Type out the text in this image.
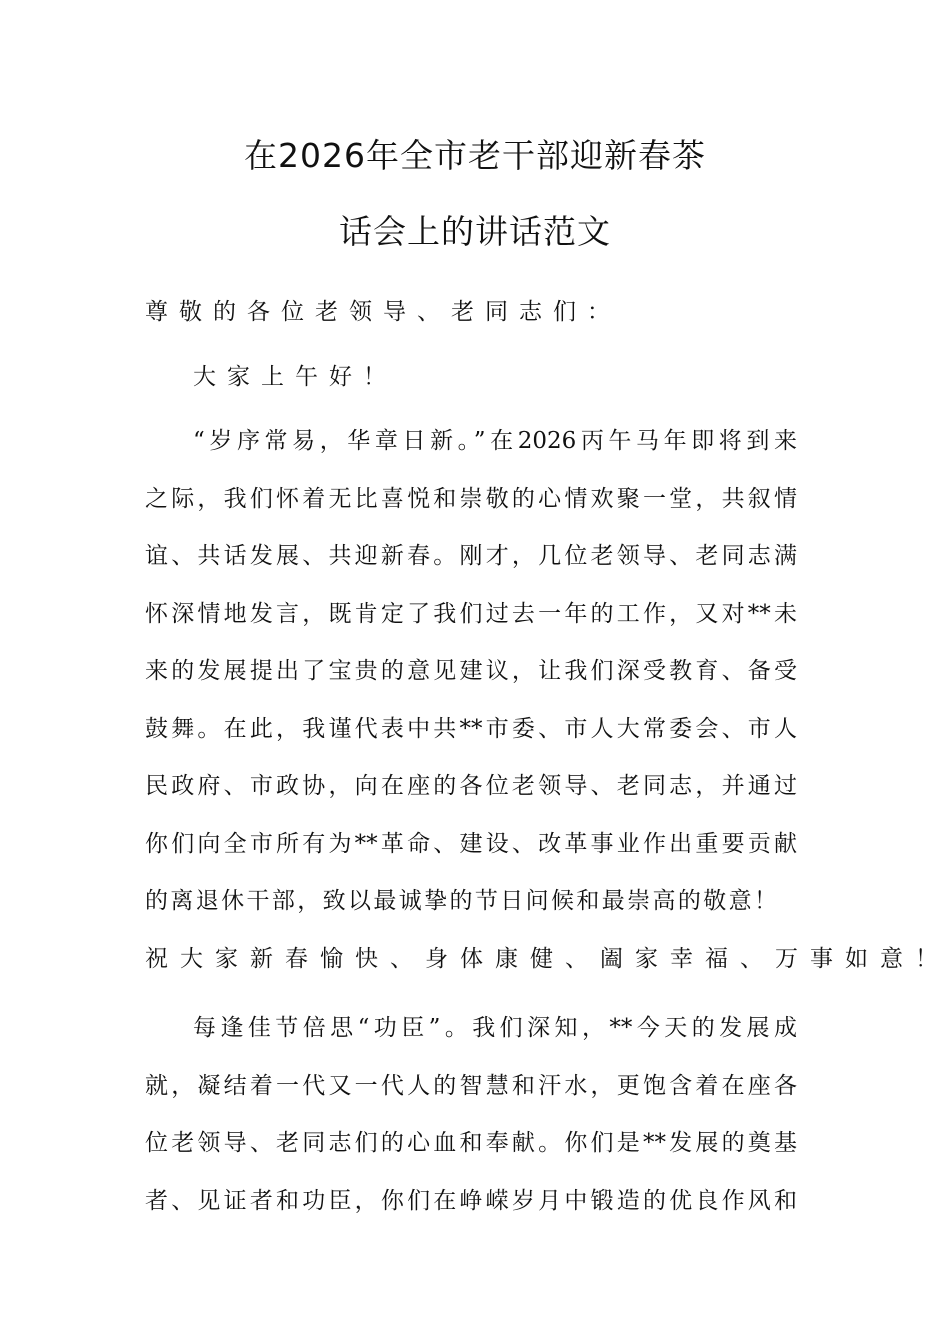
在2026年全市老干部迎新春茶
话会上的讲话范文
尊敬的各位老领导、老同志们：
大家上午好！
“岁序常易，华章日新。”在2026丙午马年即将到来
之际，我们怀着无比喜悦和崇敬的心情欢聚一堂，共叙情
谊、共话发展、共迎新春。刚才，几位老领导、老同志满
怀深情地发言，既肯定了我们过去一年的工作，又对**未
来的发展提出了宝贵的意见建议，让我们深受教育、备受
鼓舞。在此，我谨代表中共**市委、市人大常委会、市人
民政府、市政协，向在座的各位老领导、老同志，并通过
你们向全市所有为**革命、建设、改革事业作出重要贡献
的离退休干部，致以最诚挚的节日问候和最崇高的敬意！
祝大家新春愉快、身体康健、阖家幸福、万事如意！
每逢佳节倍思“功臣”。我们深知，**今天的发展成
就，凝结着一代又一代人的智慧和汗水，更饱含着在座各
位老领导、老同志们的心血和奉献。你们是**发展的奠基
者、见证者和功臣，你们在峥嵘岁月中锻造的优良作风和
